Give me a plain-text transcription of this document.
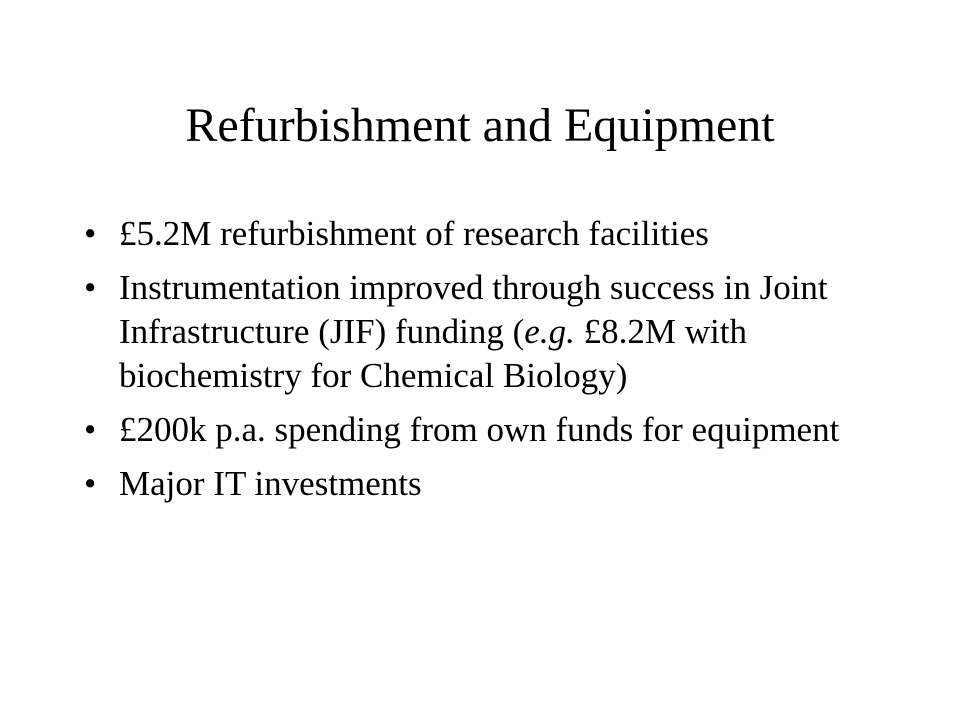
Refurbishment and Equipment
• £5.2M refurbishment of research facilities
• Instrumentation improved through success in Joint Infrastructure (JIF) funding (e.g. £8.2M with biochemistry for Chemical Biology)
• £200k p.a. spending from own funds for equipment
• Major IT investments
